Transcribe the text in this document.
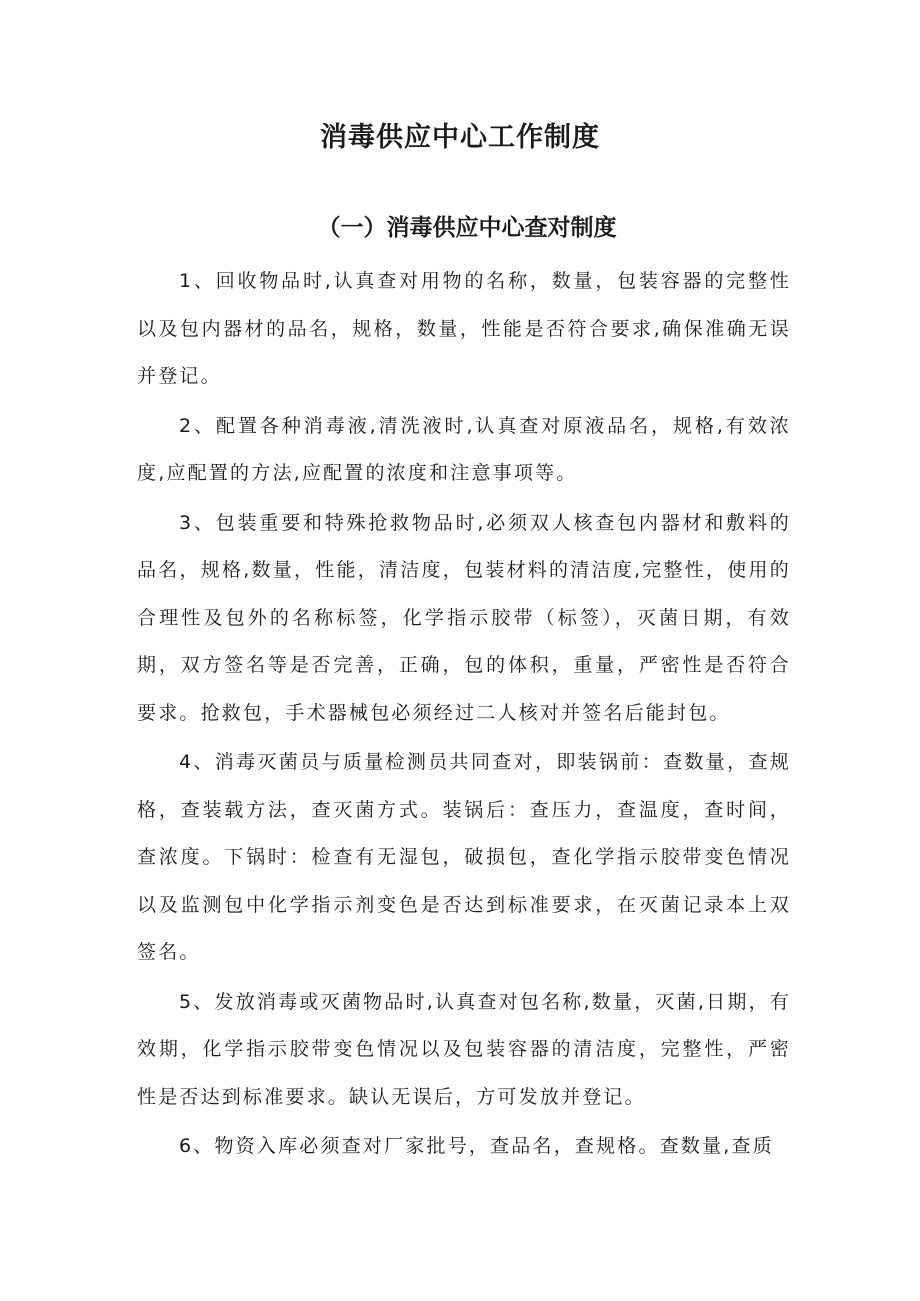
消毒供应中心工作制度
（一）消毒供应中心查对制度

1、回收物品时,认真查对用物的名称，数量，包装容器的完整性以及包内器材的品名，规格，数量，性能是否符合要求,确保准确无误并登记。

2、配置各种消毒液,清洗液时,认真查对原液品名，规格,有效浓度,应配置的方法,应配置的浓度和注意事项等。

3、包装重要和特殊抢救物品时,必须双人核查包内器材和敷料的品名，规格,数量，性能，清洁度，包装材料的清洁度,完整性，使用的合理性及包外的名称标签，化学指示胶带（标签），灭菌日期，有效期，双方签名等是否完善，正确，包的体积，重量，严密性是否符合要求。抢救包，手术器械包必须经过二人核对并签名后能封包。

4、消毒灭菌员与质量检测员共同查对，即装锅前：查数量，查规格，查装载方法，查灭菌方式。装锅后：查压力，查温度，查时间，查浓度。下锅时：检查有无湿包，破损包，查化学指示胶带变色情况以及监测包中化学指示剂变色是否达到标准要求，在灭菌记录本上双签名。

5、发放消毒或灭菌物品时,认真查对包名称,数量，灭菌,日期，有效期，化学指示胶带变色情况以及包装容器的清洁度，完整性，严密性是否达到标准要求。缺认无误后，方可发放并登记。

6、物资入库必须查对厂家批号，查品名，查规格。查数量,查质
